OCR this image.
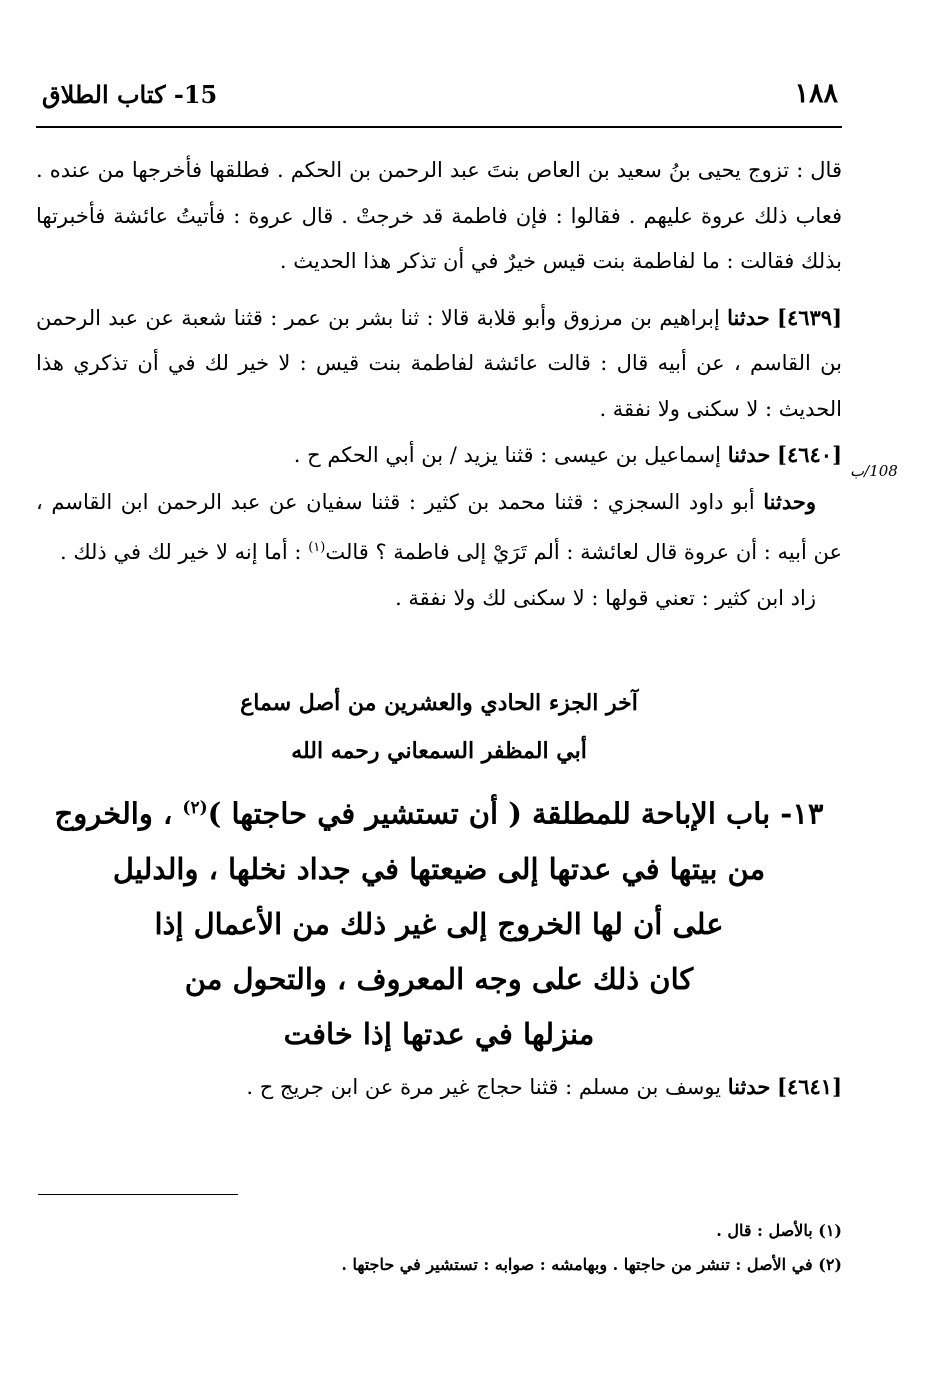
١٨٨
15- كتاب الطلاق

قال : تزوج يحيى بنُ سعيد بن العاص بنتَ عبد الرحمن بن الحكم . فطلقها فأخرجها من عنده . فعاب ذلك عروة عليهم . فقالوا : فإن فاطمة قد خرجتْ . قال عروة : فأتيتُ عائشة فأخبرتها بذلك فقالت : ما لفاطمة بنت قيس خيرٌ في أن تذكر هذا الحديث .

[٤٦٣٩] حدثنا إبراهيم بن مرزوق وأبو قلابة قالا : ثنا بشر بن عمر : قثنا شعبة عن عبد الرحمن بن القاسم ، عن أبيه قال : قالت عائشة لفاطمة بنت قيس : لا خير لك في أن تذكري هذا الحديث : لا سكنى ولا نفقة .

[٤٦٤٠] حدثنا إسماعيل بن عيسى : قثنا يزيد / بن أبي الحكم ح .

وحدثنا أبو داود السجزي : قثنا محمد بن كثير : قثنا سفيان عن عبد الرحمن ابن القاسم ، عن أبيه : أن عروة قال لعائشة : ألم تَرَيْ إلى فاطمة ؟ قالت$^{(١)}$ : أما إنه لا خير لك في ذلك .

زاد ابن كثير : تعني قولها : لا سكنى لك ولا نفقة .

آخر الجزء الحادي والعشرين من أصل سماع
أبي المظفر السمعاني رحمه الله
١٣- باب الإباحة للمطلقة ( أن تستشير في حاجتها )$^{(٢)}$ ، والخروج
من بيتها في عدتها إلى ضيعتها في جداد نخلها ، والدليل
على أن لها الخروج إلى غير ذلك من الأعمال إذا
كان ذلك على وجه المعروف ، والتحول من
منزلها في عدتها إذا خافت

[٤٦٤١] حدثنا يوسف بن مسلم : قثنا حجاج غير مرة عن ابن جريج ح .

(١) بالأصل : قال .
(٢) في الأصل : تنشر من حاجتها . وبهامشه : صوابه : تستشير في حاجتها .
108/ب
